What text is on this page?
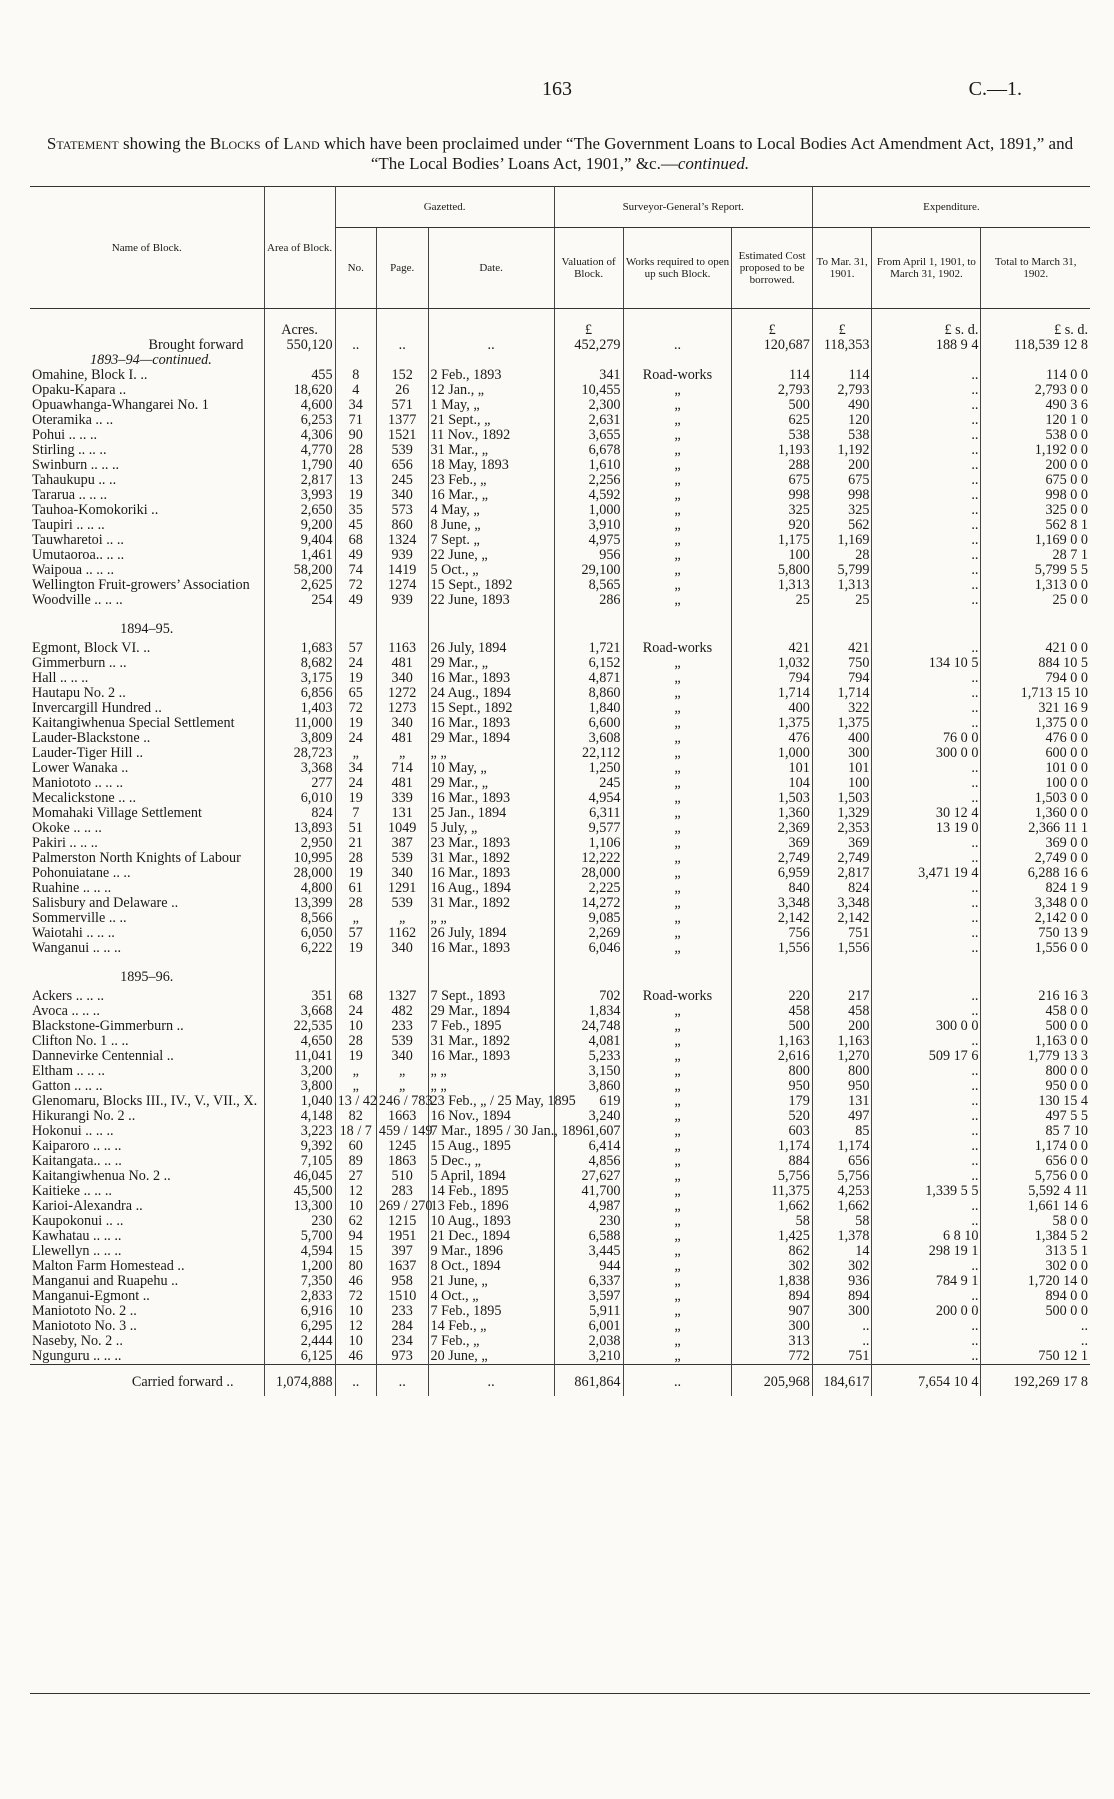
163	C.—1.
Statement showing the Blocks of Land which have been proclaimed under “The Government Loans to Local Bodies Act Amendment Act, 1891,” and “The Local Bodies’ Loans Act, 1901,” &c.—continued.
Name of Block.	Area of Block.	Gazetted.			Surveyor-General’s Report.			Expenditure.		
		No.	Page.	Date.	Valuation of Block.	Works required to open up such Block.	Estimated Cost proposed to be borrowed.	To Mar. 31, 1901.	From April 1, 1901, to March 31, 1902.	Total to March 31, 1902.
	Acres.				£		£	£	£ s. d.	£ s. d.
Brought forward	550,120	..	..	..	452,279	..	120,687	118,353	188 9 4	118,539 12 8
1893–94—continued.										
Omahine, Block I. ..	455	8	152	2 Feb., 1893	341	Road-works	114	114	..	114 0 0
Opaku-Kapara ..	18,620	4	26	12 Jan., „	10,455	„	2,793	2,793	..	2,793 0 0
Opuawhanga-Whangarei No. 1	4,600	34	571	1 May, „	2,300	„	500	490	..	490 3 6
Oteramika .. ..	6,253	71	1377	21 Sept., „	2,631	„	625	120	..	120 1 0
Pohui .. .. ..	4,306	90	1521	11 Nov., 1892	3,655	„	538	538	..	538 0 0
Stirling .. .. ..	4,770	28	539	31 Mar., „	6,678	„	1,193	1,192	..	1,192 0 0
Swinburn .. .. ..	1,790	40	656	18 May, 1893	1,610	„	288	200	..	200 0 0
Tahaukupu .. ..	2,817	13	245	23 Feb., „	2,256	„	675	675	..	675 0 0
Tararua .. .. ..	3,993	19	340	16 Mar., „	4,592	„	998	998	..	998 0 0
Tauhoa-Komokoriki ..	2,650	35	573	4 May, „	1,000	„	325	325	..	325 0 0
Taupiri .. .. ..	9,200	45	860	8 June, „	3,910	„	920	562	..	562 8 1
Tauwharetoi .. ..	9,404	68	1324	7 Sept. „	4,975	„	1,175	1,169	..	1,169 0 0
Umutaoroa.. .. ..	1,461	49	939	22 June, „	956	„	100	28	..	28 7 1
Waipoua .. .. ..	58,200	74	1419	5 Oct., „	29,100	„	5,800	5,799	..	5,799 5 5
Wellington Fruit-growers’ Association	2,625	72	1274	15 Sept., 1892	8,565	„	1,313	1,313	..	1,313 0 0
Woodville .. .. ..	254	49	939	22 June, 1893	286	„	25	25	..	25 0 0
1894–95.										
Egmont, Block VI. ..	1,683	57	1163	26 July, 1894	1,721	Road-works	421	421	..	421 0 0
Gimmerburn .. ..	8,682	24	481	29 Mar., „	6,152	„	1,032	750	134 10 5	884 10 5
Hall .. .. ..	3,175	19	340	16 Mar., 1893	4,871	„	794	794	..	794 0 0
Hautapu No. 2 ..	6,856	65	1272	24 Aug., 1894	8,860	„	1,714	1,714	..	1,713 15 10
Invercargill Hundred ..	1,403	72	1273	15 Sept., 1892	1,840	„	400	322	..	321 16 9
Kaitangiwhenua Special Settlement	11,000	19	340	16 Mar., 1893	6,600	„	1,375	1,375	..	1,375 0 0
Lauder-Blackstone ..	3,809	24	481	29 Mar., 1894	3,608	„	476	400	76 0 0	476 0 0
Lauder-Tiger Hill ..	28,723	„	„	„ „	22,112	„	1,000	300	300 0 0	600 0 0
Lower Wanaka ..	3,368	34	714	10 May, „	1,250	„	101	101	..	101 0 0
Maniototo .. .. ..	277	24	481	29 Mar., „	245	„	104	100	..	100 0 0
Mecalickstone .. ..	6,010	19	339	16 Mar., 1893	4,954	„	1,503	1,503	..	1,503 0 0
Momahaki Village Settlement	824	7	131	25 Jan., 1894	6,311	„	1,360	1,329	30 12 4	1,360 0 0
Okoke .. .. ..	13,893	51	1049	5 July, „	9,577	„	2,369	2,353	13 19 0	2,366 11 1
Pakiri .. .. ..	2,950	21	387	23 Mar., 1893	1,106	„	369	369	..	369 0 0
Palmerston North Knights of Labour	10,995	28	539	31 Mar., 1892	12,222	„	2,749	2,749	..	2,749 0 0
Pohonuiatane .. ..	28,000	19	340	16 Mar., 1893	28,000	„	6,959	2,817	3,471 19 4	6,288 16 6
Ruahine .. .. ..	4,800	61	1291	16 Aug., 1894	2,225	„	840	824	..	824 1 9
Salisbury and Delaware ..	13,399	28	539	31 Mar., 1892	14,272	„	3,348	3,348	..	3,348 0 0
Sommerville .. ..	8,566	„	„	„ „	9,085	„	2,142	2,142	..	2,142 0 0
Waiotahi .. .. ..	6,050	57	1162	26 July, 1894	2,269	„	756	751	..	750 13 9
Wanganui .. .. ..	6,222	19	340	16 Mar., 1893	6,046	„	1,556	1,556	..	1,556 0 0
1895–96.										
Ackers .. .. ..	351	68	1327	7 Sept., 1893	702	Road-works	220	217	..	216 16 3
Avoca .. .. ..	3,668	24	482	29 Mar., 1894	1,834	„	458	458	..	458 0 0
Blackstone-Gimmerburn ..	22,535	10	233	7 Feb., 1895	24,748	„	500	200	300 0 0	500 0 0
Clifton No. 1 .. ..	4,650	28	539	31 Mar., 1892	4,081	„	1,163	1,163	..	1,163 0 0
Dannevirke Centennial ..	11,041	19	340	16 Mar., 1893	5,233	„	2,616	1,270	509 17 6	1,779 13 3
Eltham .. .. ..	3,200	„	„	„ „	3,150	„	800	800	..	800 0 0
Gatton .. .. ..	3,800	„	„	„ „	3,860	„	950	950	..	950 0 0
Glenomaru, Blocks III., IV., V., VII., X.	1,040	13 / 42	246 / 783	23 Feb., „ / 25 May, 1895	619	„	179	131	..	130 15 4
Hikurangi No. 2 ..	4,148	82	1663	16 Nov., 1894	3,240	„	520	497	..	497 5 5
Hokonui .. .. ..	3,223	18 / 7	459 / 149	7 Mar., 1895 / 30 Jan., 1896	1,607	„	603	85	..	85 7 10
Kaiparoro .. .. ..	9,392	60	1245	15 Aug., 1895	6,414	„	1,174	1,174	..	1,174 0 0
Kaitangata.. .. ..	7,105	89	1863	5 Dec., „	4,856	„	884	656	..	656 0 0
Kaitangiwhenua No. 2 ..	46,045	27	510	5 April, 1894	27,627	„	5,756	5,756	..	5,756 0 0
Kaitieke .. .. ..	45,500	12	283	14 Feb., 1895	41,700	„	11,375	4,253	1,339 5 5	5,592 4 11
Karioi-Alexandra ..	13,300	10	269 / 270	13 Feb., 1896	4,987	„	1,662	1,662	..	1,661 14 6
Kaupokonui .. ..	230	62	1215	10 Aug., 1893	230	„	58	58	..	58 0 0
Kawhatau .. .. ..	5,700	94	1951	21 Dec., 1894	6,588	„	1,425	1,378	6 8 10	1,384 5 2
Llewellyn .. .. ..	4,594	15	397	9 Mar., 1896	3,445	„	862	14	298 19 1	313 5 1
Malton Farm Homestead ..	1,200	80	1637	8 Oct., 1894	944	„	302	302	..	302 0 0
Manganui and Ruapehu ..	7,350	46	958	21 June, „	6,337	„	1,838	936	784 9 1	1,720 14 0
Manganui-Egmont ..	2,833	72	1510	4 Oct., „	3,597	„	894	894	..	894 0 0
Maniototo No. 2 ..	6,916	10	233	7 Feb., 1895	5,911	„	907	300	200 0 0	500 0 0
Maniototo No. 3 ..	6,295	12	284	14 Feb., „	6,001	„	300	..	..	..
Naseby, No. 2 ..	2,444	10	234	7 Feb., „	2,038	„	313	..	..	..
Ngunguru .. .. ..	6,125	46	973	20 June, „	3,210	„	772	751	..	750 12 1
Carried forward ..	1,074,888	..	..	..	861,864	..	205,968	184,617	7,654 10 4	192,269 17 8
